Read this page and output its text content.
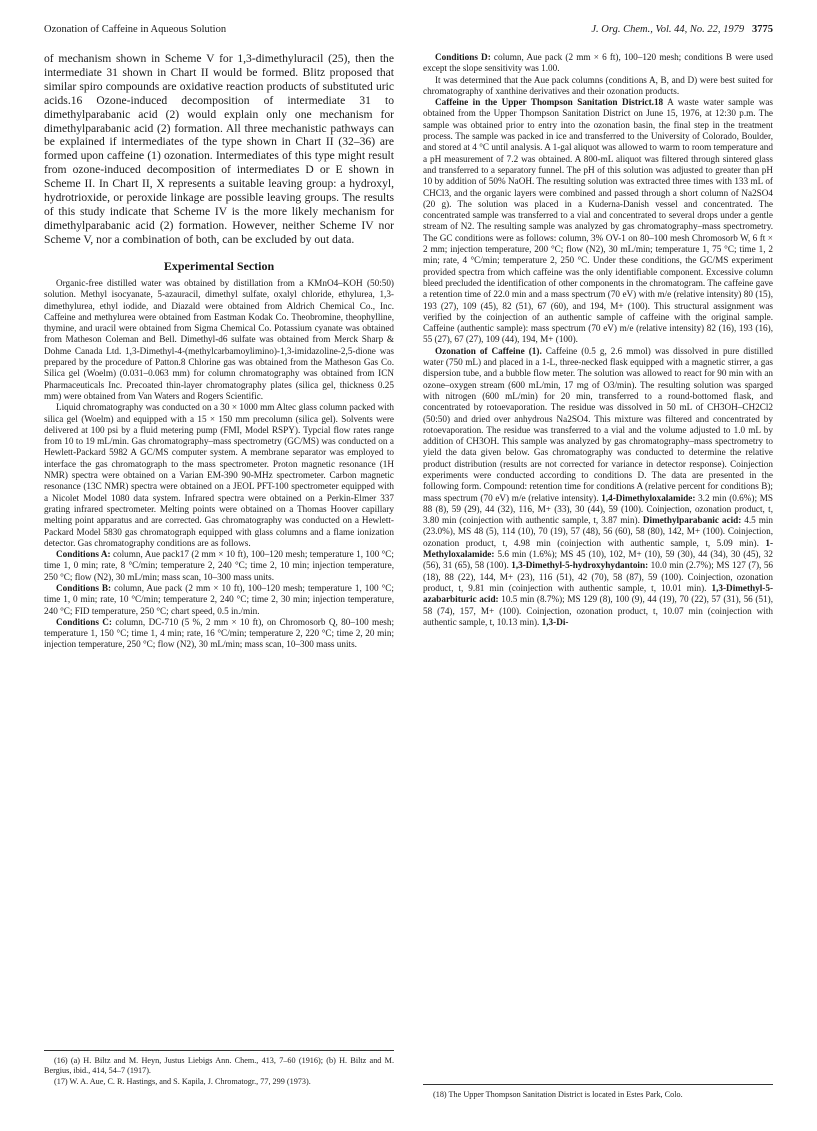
Ozonation of Caffeine in Aqueous Solution	J. Org. Chem., Vol. 44, No. 22, 1979 3775

of mechanism shown in Scheme V for 1,3-dimethyluracil (25), then the intermediate 31 shown in Chart II would be formed. Blitz proposed that similar spiro compounds are oxidative reaction products of substituted uric acids.16 Ozone-induced decomposition of intermediate 31 to dimethylparabanic acid (2) would explain only one mechanism for dimethylparabanic acid (2) formation. All three mechanistic pathways can be explained if intermediates of the type shown in Chart II (32–36) are formed upon caffeine (1) ozonation. Intermediates of this type might result from ozone-induced decomposition of intermediates D or E shown in Scheme II. In Chart II, X represents a suitable leaving group: a hydroxyl, hydrotrioxide, or peroxide linkage are possible leaving groups. The results of this study indicate that Scheme IV is the more likely mechanism for dimethylparabanic acid (2) formation. However, neither Scheme IV nor Scheme V, nor a combination of both, can be excluded by out data.

Experimental Section

Organic-free distilled water was obtained by distillation from a KMnO4–KOH (50:50) solution. Methyl isocyanate, 5-azauracil, dimethyl sulfate, oxalyl chloride, ethylurea, 1,3-dimethylurea, ethyl iodide, and Diazald were obtained from Aldrich Chemical Co., Inc. Caffeine and methylurea were obtained from Eastman Kodak Co. Theobromine, theophylline, thymine, and uracil were obtained from Sigma Chemical Co. Potassium cyanate was obtained from Matheson Coleman and Bell. Dimethyl-d6 sulfate was obtained from Merck Sharp & Dohme Canada Ltd. 1,3-Dimethyl-4-(methylcarbamoylimino)-1,3-imidazoline-2,5-dione was prepared by the procedure of Patton.8 Chlorine gas was obtained from the Matheson Gas Co. Silica gel (Woelm) (0.031–0.063 mm) for column chromatography was obtained from ICN Pharmaceuticals Inc. Precoated thin-layer chromatography plates (silica gel, thickness 0.25 mm) were obtained from Van Waters and Rogers Scientific.

Liquid chromatography was conducted on a 30 × 1000 mm Altec glass column packed with silica gel (Woelm) and equipped with a 15 × 150 mm precolumn (silica gel). Solvents were delivered at 100 psi by a fluid metering pump (FMI, Model RSPY). Typcial flow rates range from 10 to 19 mL/min. Gas chromatography–mass spectrometry (GC/MS) was conducted on a Hewlett-Packard 5982 A GC/MS computer system. A membrane separator was employed to interface the gas chromatograph to the mass spectrometer. Proton magnetic resonance (1H NMR) spectra were obtained on a Varian EM-390 90-MHz spectrometer. Carbon magnetic resonance (13C NMR) spectra were obtained on a JEOL PFT-100 spectrometer equipped with a Nicolet Model 1080 data system. Infrared spectra were obtained on a Perkin-Elmer 337 grating infrared spectrometer. Melting points were obtained on a Thomas Hoover capillary melting point apparatus and are corrected. Gas chromatography was conducted on a Hewlett-Packard Model 5830 gas chromatograph equipped with glass columns and a flame ionization detector. Gas chromatography conditions are as follows.

Conditions A: column, Aue pack17 (2 mm × 10 ft), 100–120 mesh; temperature 1, 100 °C; time 1, 0 min; rate, 8 °C/min; temperature 2, 240 °C; time 2, 10 min; injection temperature, 250 °C; flow (N2), 30 mL/min; mass scan, 10–300 mass units.

Conditions B: column, Aue pack (2 mm × 10 ft), 100–120 mesh; temperature 1, 100 °C; time 1, 0 min; rate, 10 °C/min; temperature 2, 240 °C; time 2, 30 min; injection temperature, 240 °C; FID temperature, 250 °C; chart speed, 0.5 in./min.

Conditions C: column, DC-710 (5 %, 2 mm × 10 ft), on Chromosorb Q, 80–100 mesh; temperature 1, 150 °C; time 1, 4 min; rate, 16 °C/min; temperature 2, 220 °C; time 2, 20 min; injection temperature, 250 °C; flow (N2), 30 mL/min; mass scan, 10–300 mass units.

Conditions D: column, Aue pack (2 mm × 6 ft), 100–120 mesh; conditions B were used except the slope sensitivity was 1.00.

It was determined that the Aue pack columns (conditions A, B, and D) were best suited for chromatography of xanthine derivatives and their ozonation products.

Caffeine in the Upper Thompson Sanitation District.18 A waste water sample was obtained from the Upper Thompson Sanitation District on June 15, 1976, at 12:30 p.m. The sample was obtained prior to entry into the ozonation basin, the final step in the treatment process. The sample was packed in ice and transferred to the University of Colorado, Boulder, and stored at 4 °C until analysis. A 1-gal aliquot was allowed to warm to room temperature and a pH measurement of 7.2 was obtained. A 800-mL aliquot was filtered through sintered glass and transferred to a separatory funnel. The pH of this solution was adjusted to greater than pH 10 by addition of 50% NaOH. The resulting solution was extracted three times with 133 mL of CHCl3, and the organic layers were combined and passed through a short column of Na2SO4 (20 g). The solution was placed in a Kuderna-Danish vessel and concentrated. The concentrated sample was transferred to a vial and concentrated to several drops under a gentle stream of N2. The resulting sample was analyzed by gas chromatography–mass spectrometry. The GC conditions were as follows: column, 3% OV-1 on 80–100 mesh Chromosorb W, 6 ft × 2 mm; injection temperature, 200 °C; flow (N2), 30 mL/min; temperature 1, 75 °C; time 1, 2 min; rate, 4 °C/min; temperature 2, 250 °C. Under these conditions, the GC/MS experiment provided spectra from which caffeine was the only identifiable component. Excessive column bleed precluded the identification of other components in the chromatogram. The caffeine gave a retention time of 22.0 min and a mass spectrum (70 eV) with m/e (relative intensity) 80 (15), 193 (27), 109 (45), 82 (51), 67 (60), and 194, M+ (100). This structural assignment was verified by the coinjection of an authentic sample of caffeine with the original sample. Caffeine (authentic sample): mass spectrum (70 eV) m/e (relative intensity) 82 (16), 193 (16), 55 (27), 67 (27), 109 (44), 194, M+ (100).

Ozonation of Caffeine (1). Caffeine (0.5 g, 2.6 mmol) was dissolved in pure distilled water (750 mL) and placed in a 1-L, three-necked flask equipped with a magnetic stirrer, a gas dispersion tube, and a bubble flow meter. The solution was allowed to react for 90 min with an ozone–oxygen stream (600 mL/min, 17 mg of O3/min). The resulting solution was sparged with nitrogen (600 mL/min) for 20 min, transferred to a round-bottomed flask, and concentrated by rotoevaporation. The residue was dissolved in 50 mL of CH3OH–CH2Cl2 (50:50) and dried over anhydrous Na2SO4. This mixture was filtered and concentrated by rotoevaporation. The residue was transferred to a vial and the volume adjusted to 1.0 mL by addition of CH3OH. This sample was analyzed by gas chromatography–mass spectrometry to yield the data given below. Gas chromatography was conducted to determine the relative product distribution (results are not corrected for variance in detector response). Coinjection experiments were conducted according to conditions D. The data are presented in the following form. Compound: retention time for conditions A (relative percent for conditions B); mass spectrum (70 eV) m/e (relative intensity). 1,4-Dimethyloxalamide: 3.2 min (0.6%); MS 88 (8), 59 (29), 44 (32), 116, M+ (33), 30 (44), 59 (100). Coinjection, ozonation product, t, 3.80 min (coinjection with authentic sample, t, 3.87 min). Dimethylparabanic acid: 4.5 min (23.0%), MS 48 (5), 114 (10), 70 (19), 57 (48), 56 (60), 58 (80), 142, M+ (100). Coinjection, ozonation product, t, 4.98 min (coinjection with authentic sample, t, 5.09 min). 1-Methyloxalamide: 5.6 min (1.6%); MS 45 (10), 102, M+ (10), 59 (30), 44 (34), 30 (45), 32 (56), 31 (65), 58 (100). 1,3-Dimethyl-5-hydroxyhydantoin: 10.0 min (2.7%); MS 127 (7), 56 (18), 88 (22), 144, M+ (23), 116 (51), 42 (70), 58 (87), 59 (100). Coinjection, ozonation product, t, 9.81 min (coinjection with authentic sample, t, 10.01 min). 1,3-Dimethyl-5-azabarbituric acid: 10.5 min (8.7%); MS 129 (8), 100 (9), 44 (19), 70 (22), 57 (31), 56 (51), 58 (74), 157, M+ (100). Coinjection, ozonation product, t, 10.07 min (coinjection with authentic sample, t, 10.13 min). 1,3-Di-

(16) (a) H. Biltz and M. Heyn, Justus Liebigs Ann. Chem., 413, 7–60 (1916); (b) H. Biltz and M. Bergius, ibid., 414, 54–7 (1917).

(17) W. A. Aue, C. R. Hastings, and S. Kapila, J. Chromatogr., 77, 299 (1973).

(18) The Upper Thompson Sanitation District is located in Estes Park, Colo.
